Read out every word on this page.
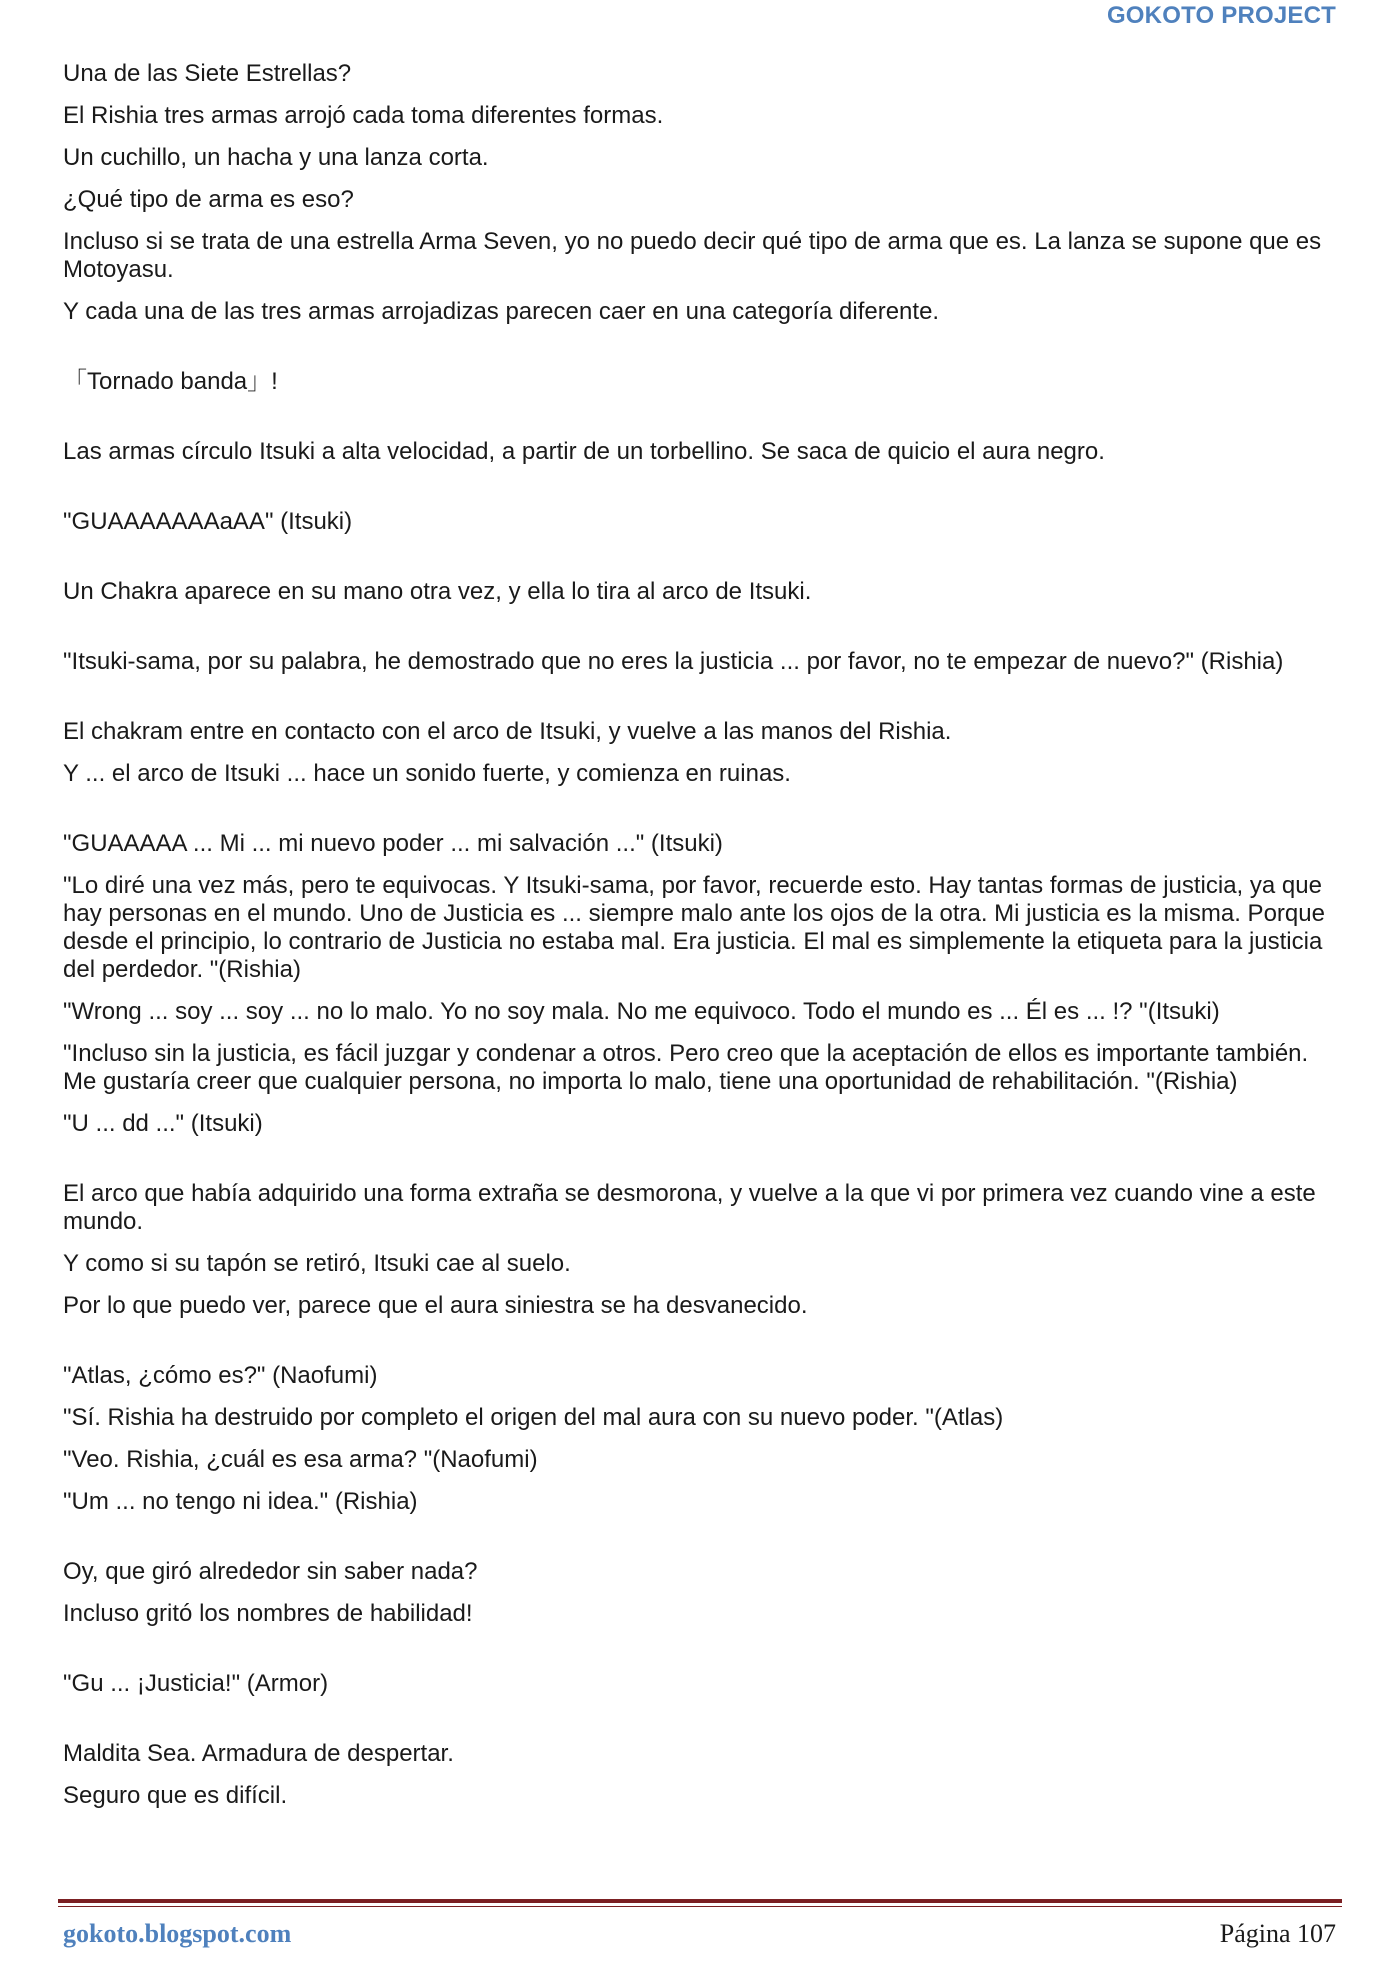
GOKOTO PROJECT

Una de las Siete Estrellas?

El Rishia tres armas arrojó cada toma diferentes formas.

Un cuchillo, un hacha y una lanza corta.

¿Qué tipo de arma es eso?

Incluso si se trata de una estrella Arma Seven, yo no puedo decir qué tipo de arma que es. La lanza se supone que es Motoyasu.

Y cada una de las tres armas arrojadizas parecen caer en una categoría diferente.

「Tornado banda」!

Las armas círculo Itsuki a alta velocidad, a partir de un torbellino. Se saca de quicio el aura negro.

"GUAAAAAAAaAA" (Itsuki)

Un Chakra aparece en su mano otra vez, y ella lo tira al arco de Itsuki.

"Itsuki-sama, por su palabra, he demostrado que no eres la justicia ... por favor, no te empezar de nuevo?" (Rishia)

El chakram entre en contacto con el arco de Itsuki, y vuelve a las manos del Rishia.

Y ... el arco de Itsuki ... hace un sonido fuerte, y comienza en ruinas.

"GUAAAAA ... Mi ... mi nuevo poder ... mi salvación ..." (Itsuki)

"Lo diré una vez más, pero te equivocas. Y Itsuki-sama, por favor, recuerde esto. Hay tantas formas de justicia, ya que hay personas en el mundo. Uno de Justicia es ... siempre malo ante los ojos de la otra. Mi justicia es la misma. Porque desde el principio, lo contrario de Justicia no estaba mal. Era justicia. El mal es simplemente la etiqueta para la justicia del perdedor. "(Rishia)

"Wrong ... soy ... soy ... no lo malo. Yo no soy mala. No me equivoco. Todo el mundo es ... Él es ... !? "(Itsuki)

"Incluso sin la justicia, es fácil juzgar y condenar a otros. Pero creo que la aceptación de ellos es importante también. Me gustaría creer que cualquier persona, no importa lo malo, tiene una oportunidad de rehabilitación. "(Rishia)

"U ... dd ..." (Itsuki)

El arco que había adquirido una forma extraña se desmorona, y vuelve a la que vi por primera vez cuando vine a este mundo.

Y como si su tapón se retiró, Itsuki cae al suelo.

Por lo que puedo ver, parece que el aura siniestra se ha desvanecido.

"Atlas, ¿cómo es?" (Naofumi)

"Sí. Rishia ha destruido por completo el origen del mal aura con su nuevo poder. "(Atlas)

"Veo. Rishia, ¿cuál es esa arma? "(Naofumi)

"Um ... no tengo ni idea." (Rishia)

Oy, que giró alrededor sin saber nada?

Incluso gritó los nombres de habilidad!

"Gu ... ¡Justicia!" (Armor)

Maldita Sea. Armadura de despertar.

Seguro que es difícil.

gokoto.blogspot.com	Página 107
